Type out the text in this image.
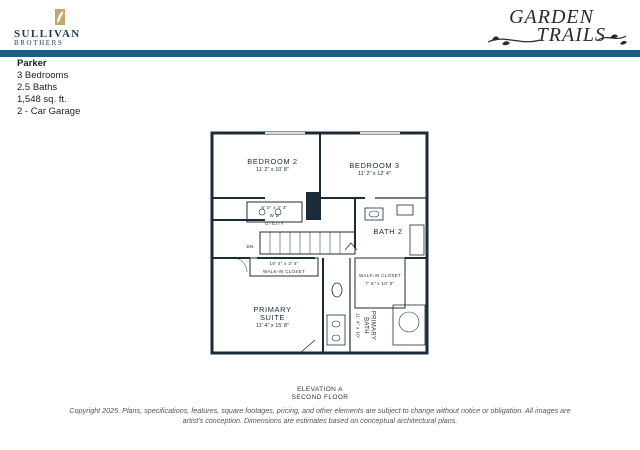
SULLIVAN
BROTHERS
GARDEN
TRAILS
Parker
3 Bedrooms
2.5 Baths
1,548 sq. ft.
2 - Car Garage
BEDROOM 2
11' 2" x 10' 8"	BEDROOM 3
11' 2" x 12' 4"
6' 0" x 3' 4"
W D
UTILITY
BATH 2
DN
10' 4" x 3' 4"
WALK-IN CLOSET
WALK-IN CLOSET
7' 8" x 10' 0"
PRIMARY
SUITE
11' 4" x 15' 8"	PRIMARY
BATH
11' 4" x 10'
ELEVATION A
SECOND FLOOR
Copyright 2025. Plans, specifications, features, square footages, pricing, and other elements are subject to change without notice or obligation. All images are artist's conception. Dimensions are estimates based on conceptual architectural plans.
